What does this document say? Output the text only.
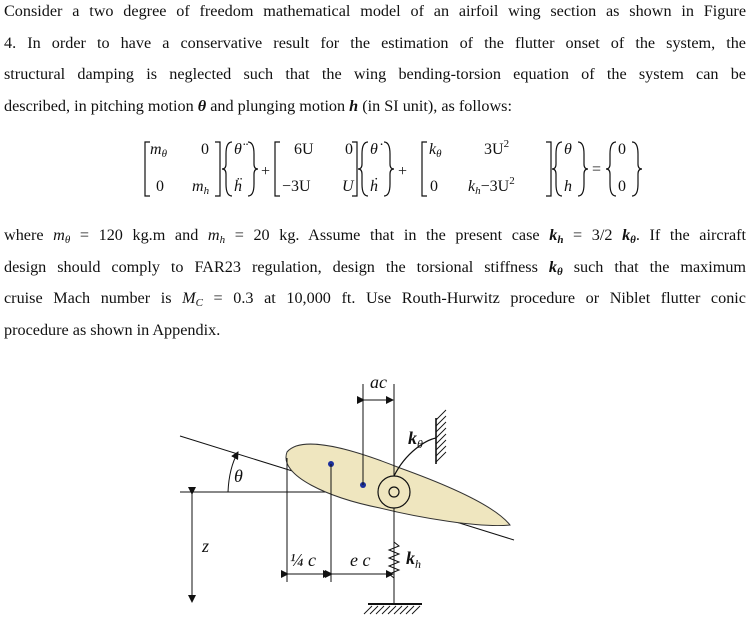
Consider a two degree of freedom mathematical model of an airfoil wing section as shown in Figure
4. In order to have a conservative result for the estimation of the flutter onset of the system, the
structural damping is neglected such that the wing bending-torsion equation of the system can be
described, in pitching motion θ and plunging motion h (in SI unit), as follows:
mθ 0
0 mh
θ̈
ḧ
+
6U 0
−3U U
θ̇
ḣ
+
kθ	$3U^2$
0 $kh-3U^2$
θ
h
=
0
0
where $m_\theta = 120$ kg.m and $m_h = 20$ kg. Assume that in the present case $k_h = 3/2$ $k_\theta$. If the aircraft
design should comply to FAR23 regulation, design the torsional stiffness $k_\theta$ such that the maximum
cruise Mach number is $M_C = 0.3$ at 10,000 ft. Use Routh-Hurwitz procedure or Niblet flutter conic
procedure as shown in Appendix.
$k_\theta$
ac
θ
z
¼ c e c $k_h$
